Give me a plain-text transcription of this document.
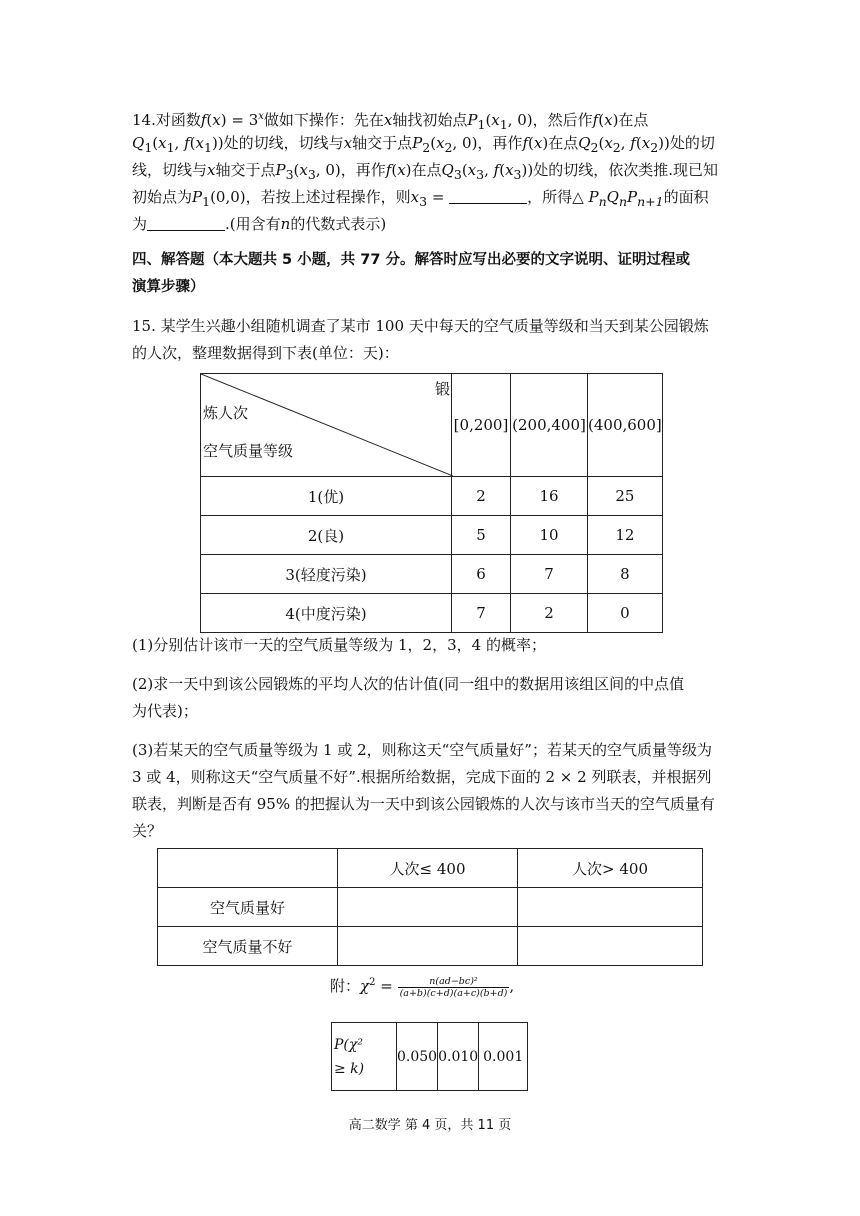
14.对函数$f(x) = 3^x$做如下操作：先在x轴找初始点$P_1(x_1$, 0)，然后作f(x)在点

$Q_1(x_1$, $f(x_1)$)处的切线，切线与x轴交于点$P_2(x_2$, 0)，再作f(x)在点$Q_2(x_2$, $f(x_2)$)处的切

线，切线与x轴交于点$P_3(x_3$, 0)，再作f(x)在点$Q_3(x_3$, $f(x_3)$)处的切线，依次类推.现已知

初始点为$P_1(0,0)$，若按上述过程操作，则$x_3$ =	，所得△ $P_nQ_nP_{n+1}$的面积

为	.(用含有n的代数式表示)

四、解答题（本大题共 5 小题，共 77 分。解答时应写出必要的文字说明、证明过程或

演算步骤）

15. 某学生兴趣小组随机调查了某市 100 天中每天的空气质量等级和当天到某公园锻炼

的人次，整理数据得到下表(单位：天)：

锻
炼人次
空气质量等级	[0,200]	(200,400]	(400,600]
1(优)	2	16	25
2(良)	5	10	12
3(轻度污染)	6	7	8
4(中度污染)	7	2	0

(1)分别估计该市一天的空气质量等级为 1，2，3，4 的概率；

(2)求一天中到该公园锻炼的平均人次的估计值(同一组中的数据用该组区间的中点值

为代表)；

(3)若某天的空气质量等级为 1 或 2，则称这天“空气质量好”；若某天的空气质量等级为

3 或 4，则称这天“空气质量不好”.根据所给数据，完成下面的 2 × 2 列联表，并根据列

联表，判断是否有 95% 的把握认为一天中到该公园锻炼的人次与该市当天的空气质量有

关？

	人次≤ 400	人次> 400
空气质量好		
空气质量不好		
附：$\chi^2 = \frac{\text{n(ad−bc)²}}{(a+b)(c+d)(a+c)(b+d)}$ ,
P(χ²
≥ k)	0.050	0.010	0.001
高二数学 第 4 页，共 11 页
